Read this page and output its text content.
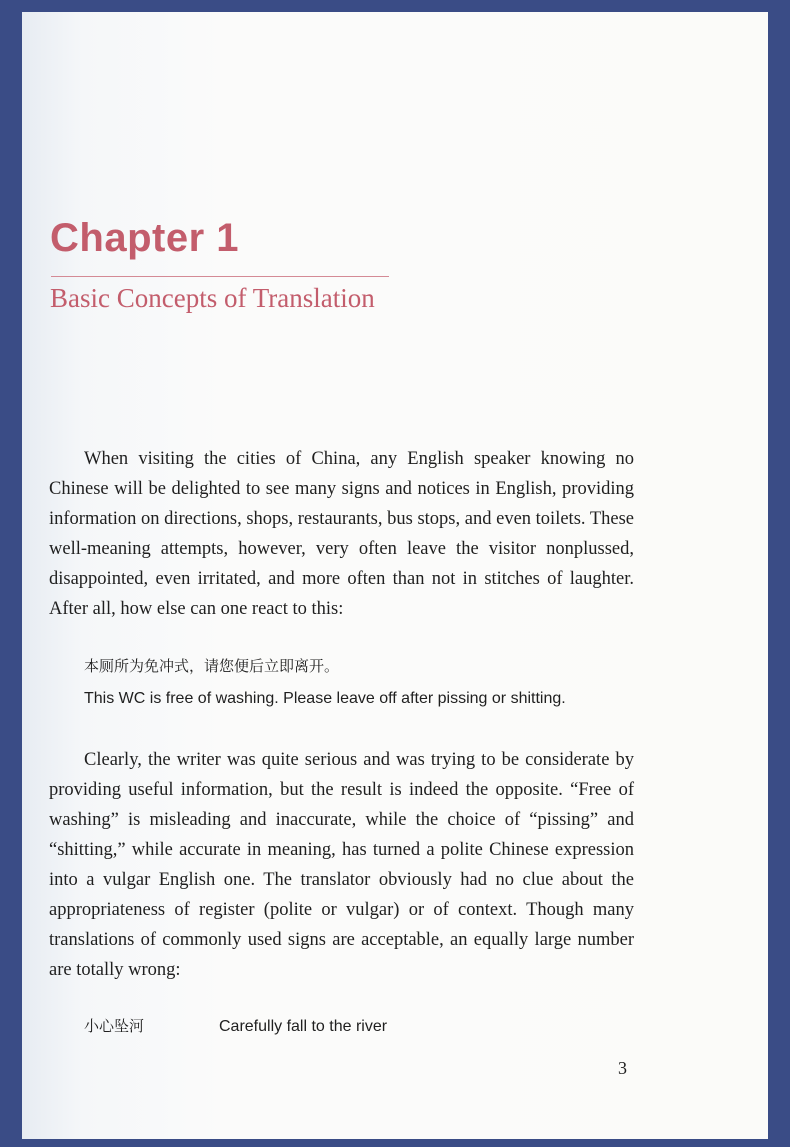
Chapter 1
Basic Concepts of Translation

When visiting the cities of China, any English speaker knowing no Chinese will be delighted to see many signs and notices in English, providing information on directions, shops, restaurants, bus stops, and even toilets. These well-meaning attempts, however, very often leave the visitor nonplussed, disappointed, even irritated, and more often than not in stitches of laughter. After all, how else can one react to this:

本厕所为免冲式，请您便后立即离开。

This WC is free of washing. Please leave off after pissing or shitting.

Clearly, the writer was quite serious and was trying to be considerate by providing useful information, but the result is indeed the opposite. “Free of washing” is misleading and inaccurate, while the choice of “pissing” and “shitting,” while accurate in meaning, has turned a polite Chinese expression into a vulgar English one. The translator obviously had no clue about the appropriateness of register (polite or vulgar) or of context. Though many translations of commonly used signs are acceptable, an equally large number are totally wrong:

小心坠河	Carefully fall to the river

3
